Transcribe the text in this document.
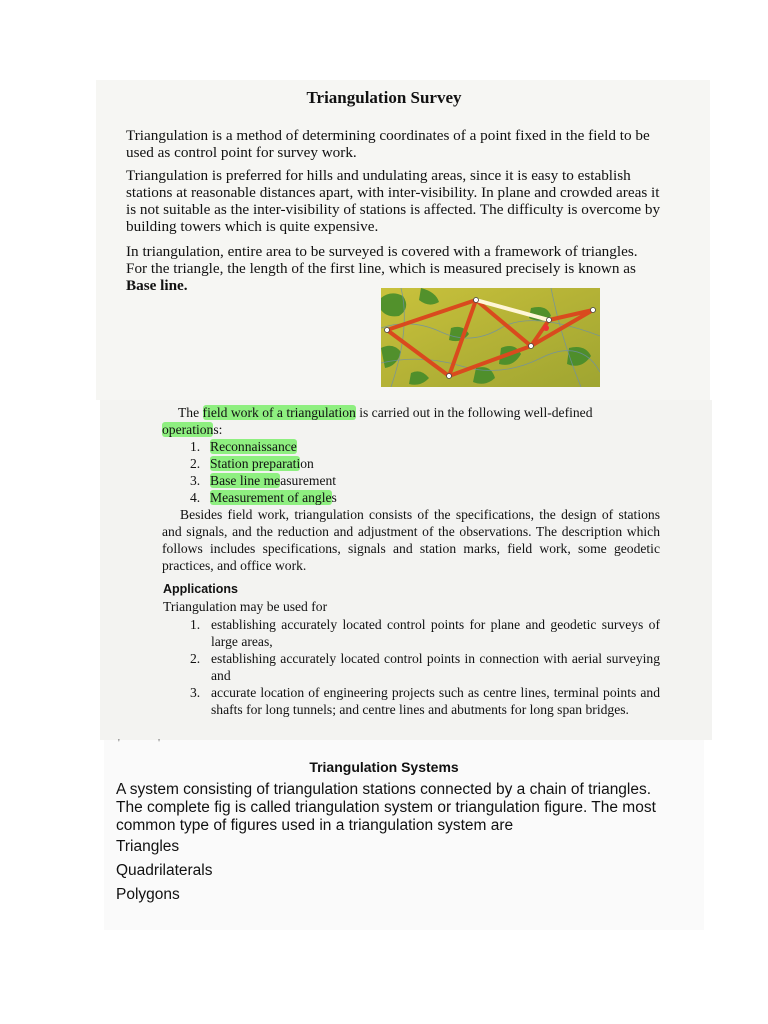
Triangulation Survey
Triangulation is a method of determining coordinates of a point fixed in the field to be used as control point for survey work.
Triangulation is preferred for hills and undulating areas, since it is easy to establish stations at reasonable distances apart, with inter-visibility. In plane and crowded areas it is not suitable as the inter-visibility of stations is affected. The difficulty is overcome by building towers which is quite expensive.
In triangulation, entire area to be surveyed is covered with a framework of triangles. For the triangle, the length of the first line, which is measured precisely is known as Base line.
The field work of a triangulation is carried out in the following well-defined
operations:
1. Reconnaissance
2. Station preparation
3. Base line measurement
4. Measurement of angles
Besides field work, triangulation consists of the specifications, the design of stations and signals, and the reduction and adjustment of the observations. The description which follows includes specifications, signals and station marks, field work, some geodetic practices, and office work.
Applications
Triangulation may be used for
1. establishing accurately located control points for plane and geodetic surveys of large areas,
2. establishing accurately located control points in connection with aerial surveying and
3. accurate location of engineering projects such as centre lines, terminal points and shafts for long tunnels; and centre lines and abutments for long span bridges.
'                      '
Triangulation Systems
A system consisting of triangulation stations connected by a chain of triangles. The complete fig is called triangulation system or triangulation figure. The most common type of figures used in a triangulation system are
Triangles
Quadrilaterals
Polygons
